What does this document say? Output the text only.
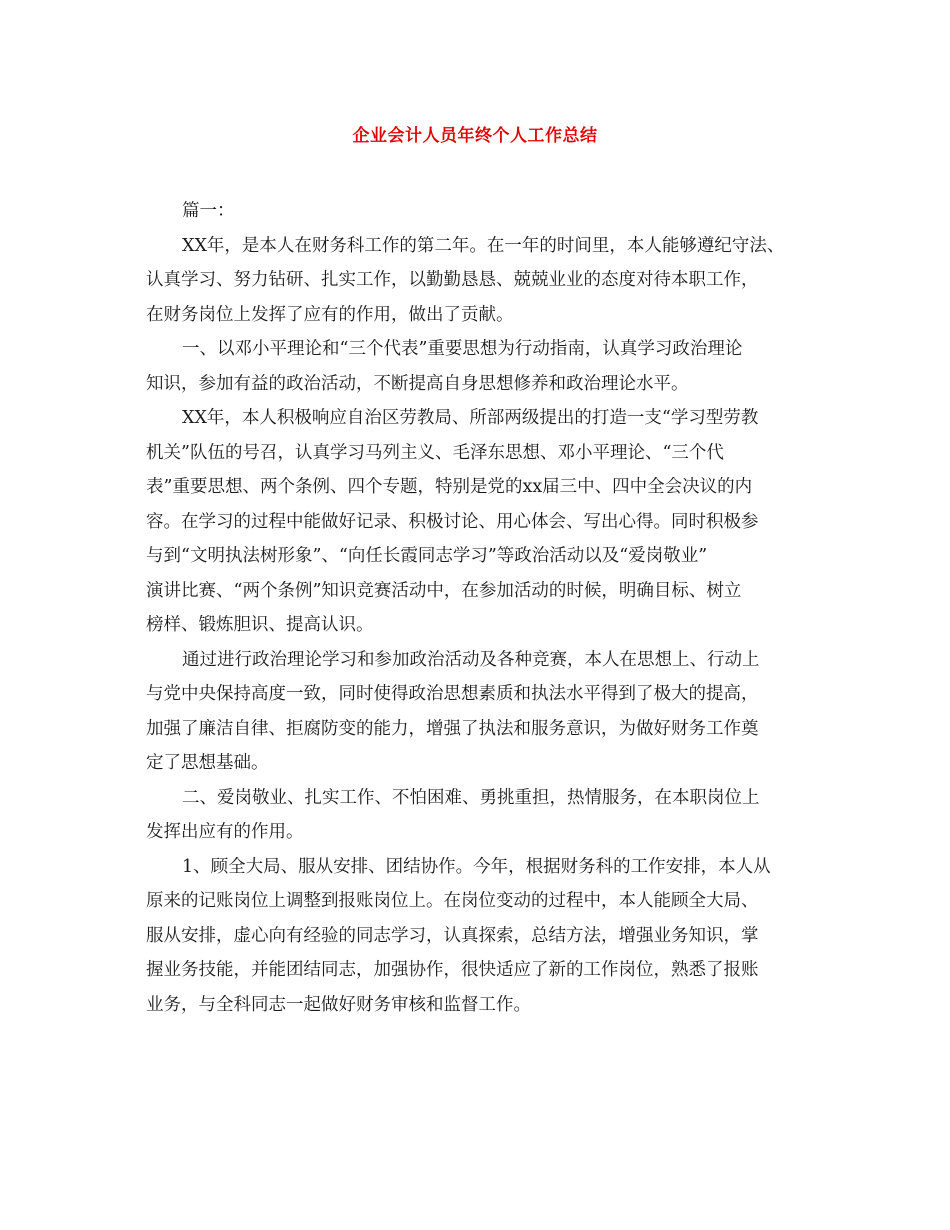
企业会计人员年终个人工作总结
篇一：
XX年，是本人在财务科工作的第二年。在一年的时间里，本人能够遵纪守法、
认真学习、努力钻研、扎实工作，以勤勤恳恳、兢兢业业的态度对待本职工作，
在财务岗位上发挥了应有的作用，做出了贡献。
一、以邓小平理论和“三个代表”重要思想为行动指南，认真学习政治理论
知识，参加有益的政治活动，不断提高自身思想修养和政治理论水平。
XX年，本人积极响应自治区劳教局、所部两级提出的打造一支“学习型劳教
机关”队伍的号召，认真学习马列主义、毛泽东思想、邓小平理论、“三个代
表”重要思想、两个条例、四个专题，特别是党的xx届三中、四中全会决议的内
容。在学习的过程中能做好记录、积极讨论、用心体会、写出心得。同时积极参
与到“文明执法树形象”、“向任长霞同志学习”等政治活动以及“爱岗敬业”
演讲比赛、“两个条例”知识竞赛活动中，在参加活动的时候，明确目标、树立
榜样、锻炼胆识、提高认识。
通过进行政治理论学习和参加政治活动及各种竞赛，本人在思想上、行动上
与党中央保持高度一致，同时使得政治思想素质和执法水平得到了极大的提高，
加强了廉洁自律、拒腐防变的能力，增强了执法和服务意识，为做好财务工作奠
定了思想基础。
二、爱岗敬业、扎实工作、不怕困难、勇挑重担，热情服务，在本职岗位上
发挥出应有的作用。
1、顾全大局、服从安排、团结协作。今年，根据财务科的工作安排，本人从
原来的记账岗位上调整到报账岗位上。在岗位变动的过程中，本人能顾全大局、
服从安排，虚心向有经验的同志学习，认真探索，总结方法，增强业务知识，掌
握业务技能，并能团结同志，加强协作，很快适应了新的工作岗位，熟悉了报账
业务，与全科同志一起做好财务审核和监督工作。
